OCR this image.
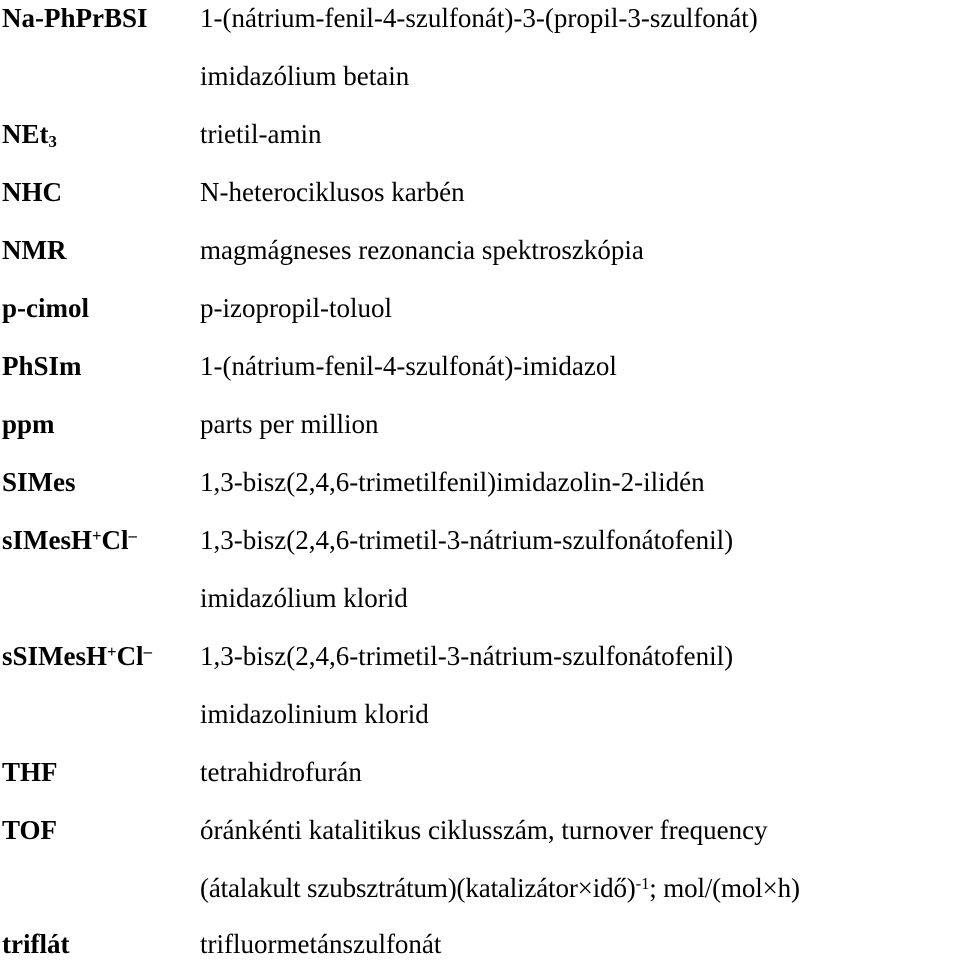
Na-PhPrBSI 1-(nátrium-fenil-4-szulfonát)-3-(propil-3-szulfonát)
imidazólium betain
NEt3	trietil-amin
NHC	N-heterociklusos karbén
NMR	magmágneses rezonancia spektroszkópia
p-cimol	p-izopropil-toluol
PhSIm	1-(nátrium-fenil-4-szulfonát)-imidazol
ppm	parts per million
SIMes	1,3-bisz(2,4,6-trimetilfenil)imidazolin-2-ilidén
sIMesH+Cl– 1,3-bisz(2,4,6-trimetil-3-nátrium-szulfonátofenil)
imidazólium klorid
sSIMesH+Cl– 1,3-bisz(2,4,6-trimetil-3-nátrium-szulfonátofenil)
imidazolinium klorid
THF	tetrahidrofurán
TOF	óránkénti katalitikus ciklusszám, turnover frequency
(átalakult szubsztrátum)(katalizátor×idő)$^{-1}$; mol/(mol×h)
triflát	trifluormetánszulfonát
